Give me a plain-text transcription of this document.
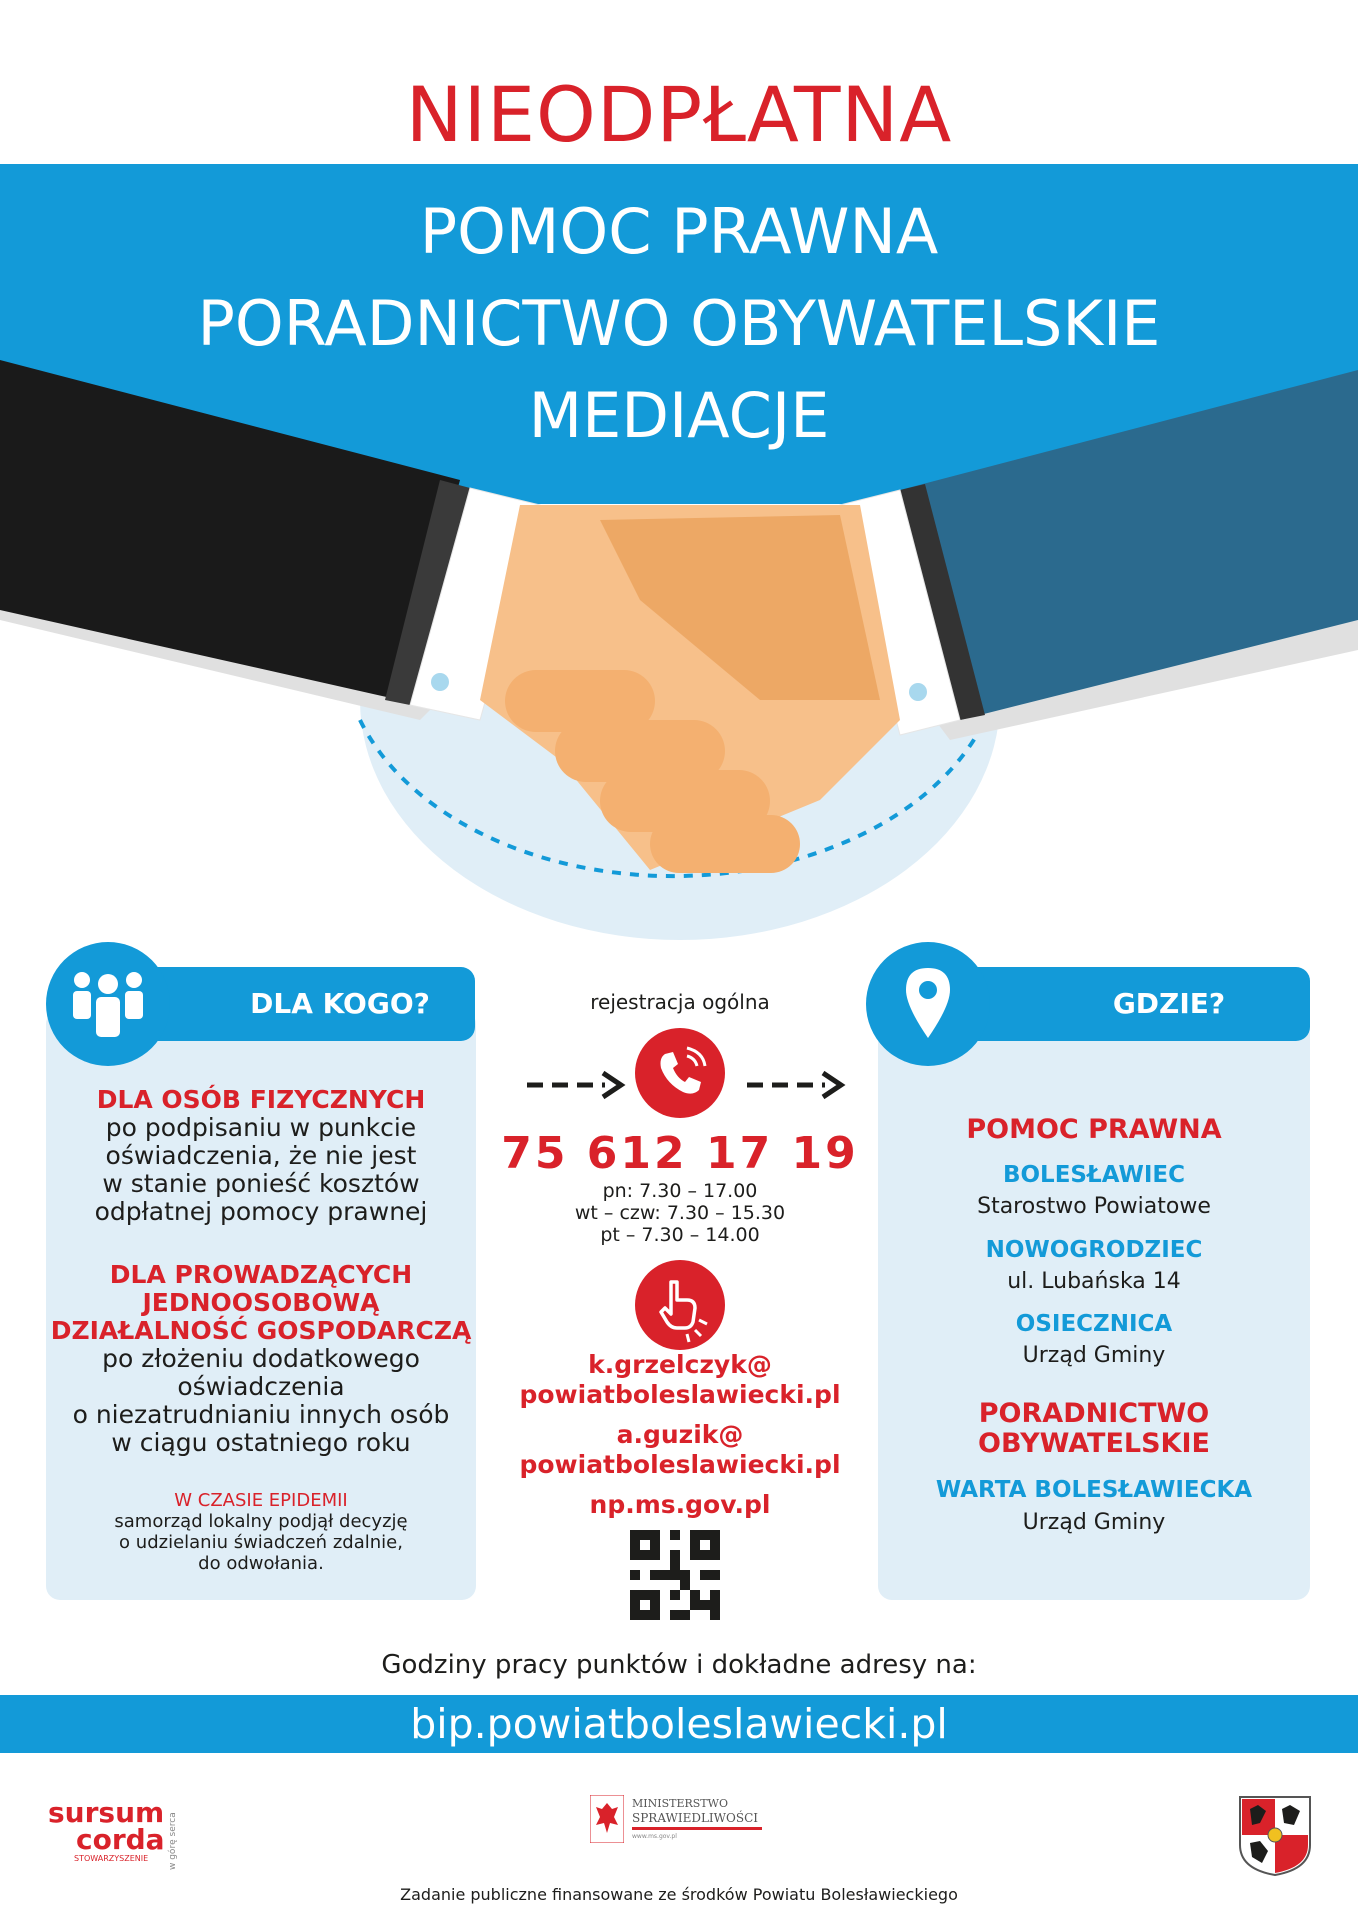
NIEODPŁATNA
POMOC PRAWNA
PORADNICTWO OBYWATELSKIE
MEDIACJE
DLA KOGO?
DLA OSÓB FIZYCZNYCH
po podpisaniu w punkcie
oświadczenia, że nie jest
w stanie ponieść kosztów
odpłatnej pomocy prawnej
DLA PROWADZĄCYCH
JEDNOOSOBOWĄ
DZIAŁALNOŚĆ GOSPODARCZĄ
po złożeniu dodatkowego
oświadczenia
o niezatrudnianiu innych osób
w ciągu ostatniego roku
W CZASIE EPIDEMII
samorząd lokalny podjął decyzję
o udzielaniu świadczeń zdalnie,
do odwołania.
rejestracja ogólna
75 612 17 19
pn: 7.30 – 17.00
wt – czw: 7.30 – 15.30
pt – 7.30 – 14.00
k.grzelczyk@
powiatboleslawiecki.pl
a.guzik@
powiatboleslawiecki.pl
np.ms.gov.pl
GDZIE?
POMOC PRAWNA
BOLESŁAWIEC
Starostwo Powiatowe
NOWOGRODZIEC
ul. Lubańska 14
OSIECZNICA
Urząd Gminy
PORADNICTWO
OBYWATELSKIE
WARTA BOLESŁAWIECKA
Urząd Gminy
Godziny pracy punktów i dokładne adresy na:
bip.powiatboleslawiecki.pl
sursum
corda
STOWARZYSZENIE	w górę serca
MINISTERSTWO
SPRAWIEDLIWOŚCI
www.ms.gov.pl
Zadanie publiczne finansowane ze środków Powiatu Bolesławieckiego
